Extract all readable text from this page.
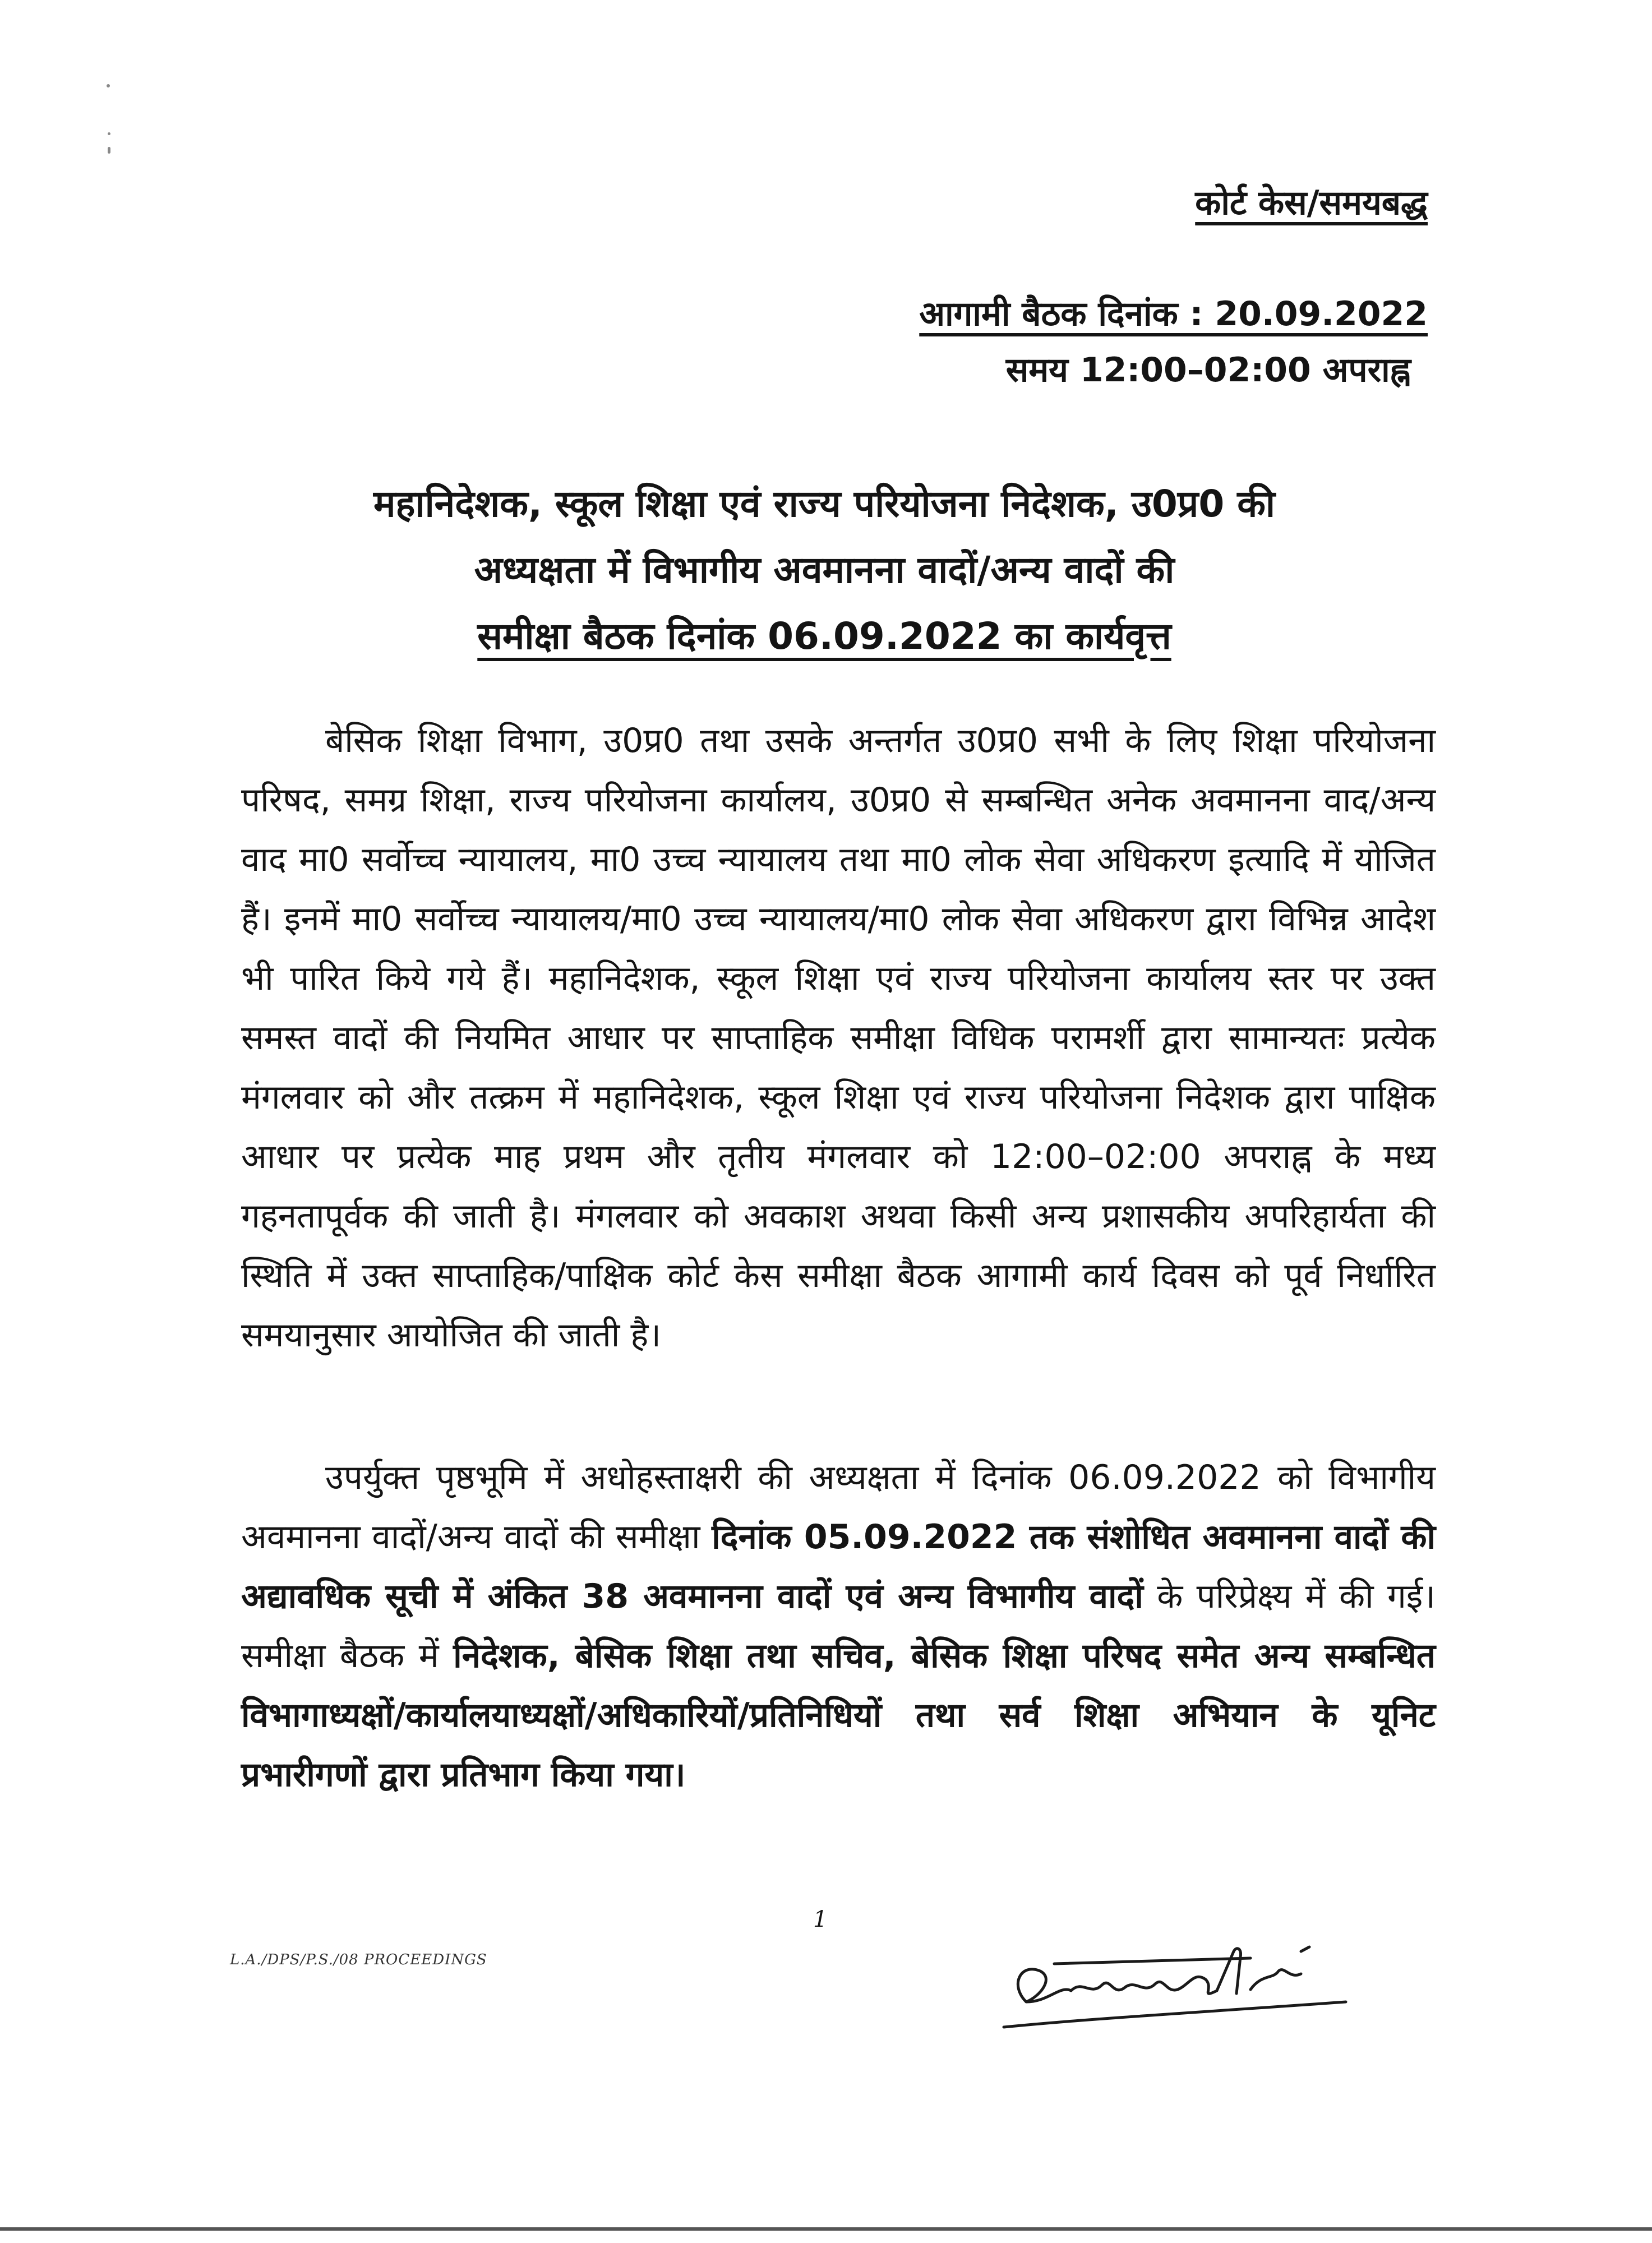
कोर्ट केस/समयबद्ध
आगामी बैठक दिनांक : 20.09.2022
समय 12:00–02:00 अपराह्न
महानिदेशक, स्कूल शिक्षा एवं राज्य परियोजना निदेशक, उ0प्र0 की
अध्यक्षता में विभागीय अवमानना वादों/अन्य वादों की
समीक्षा बैठक दिनांक 06.09.2022 का कार्यवृत्त

बेसिक शिक्षा विभाग, उ0प्र0 तथा उसके अन्तर्गत उ0प्र0 सभी के लिए शिक्षा परियोजना परिषद, समग्र शिक्षा, राज्य परियोजना कार्यालय, उ0प्र0 से सम्बन्धित अनेक अवमानना वाद/अन्य वाद मा0 सर्वोच्च न्यायालय, मा0 उच्च न्यायालय तथा मा0 लोक सेवा अधिकरण इत्यादि में योजित हैं। इनमें मा0 सर्वोच्च न्यायालय/मा0 उच्च न्यायालय/मा0 लोक सेवा अधिकरण द्वारा विभिन्न आदेश भी पारित किये गये हैं। महानिदेशक, स्कूल शिक्षा एवं राज्य परियोजना कार्यालय स्तर पर उक्त समस्त वादों की नियमित आधार पर साप्ताहिक समीक्षा विधिक परामर्शी द्वारा सामान्यतः प्रत्येक मंगलवार को और तत्क्रम में महानिदेशक, स्कूल शिक्षा एवं राज्य परियोजना निदेशक द्वारा पाक्षिक आधार पर प्रत्येक माह प्रथम और तृतीय मंगलवार को 12:00–02:00 अपराह्न के मध्य गहनतापूर्वक की जाती है। मंगलवार को अवकाश अथवा किसी अन्य प्रशासकीय अपरिहार्यता की स्थिति में उक्त साप्ताहिक/पाक्षिक कोर्ट केस समीक्षा बैठक आगामी कार्य दिवस को पूर्व निर्धारित समयानुसार आयोजित की जाती है।

उपर्युक्त पृष्ठभूमि में अधोहस्ताक्षरी की अध्यक्षता में दिनांक 06.09.2022 को विभागीय अवमानना वादों/अन्य वादों की समीक्षा दिनांक 05.09.2022 तक संशोधित अवमानना वादों की अद्यावधिक सूची में अंकित 38 अवमानना वादों एवं अन्य विभागीय वादों के परिप्रेक्ष्य में की गई। समीक्षा बैठक में निदेशक, बेसिक शिक्षा तथा सचिव, बेसिक शिक्षा परिषद समेत अन्य सम्बन्धित विभागाध्यक्षों/कार्यालयाध्यक्षों/अधिकारियों/प्रतिनिधियों तथा सर्व शिक्षा अभियान के यूनिट प्रभारीगणों द्वारा प्रतिभाग किया गया।

1
L.A./DPS/P.S./08 PROCEEDINGS
